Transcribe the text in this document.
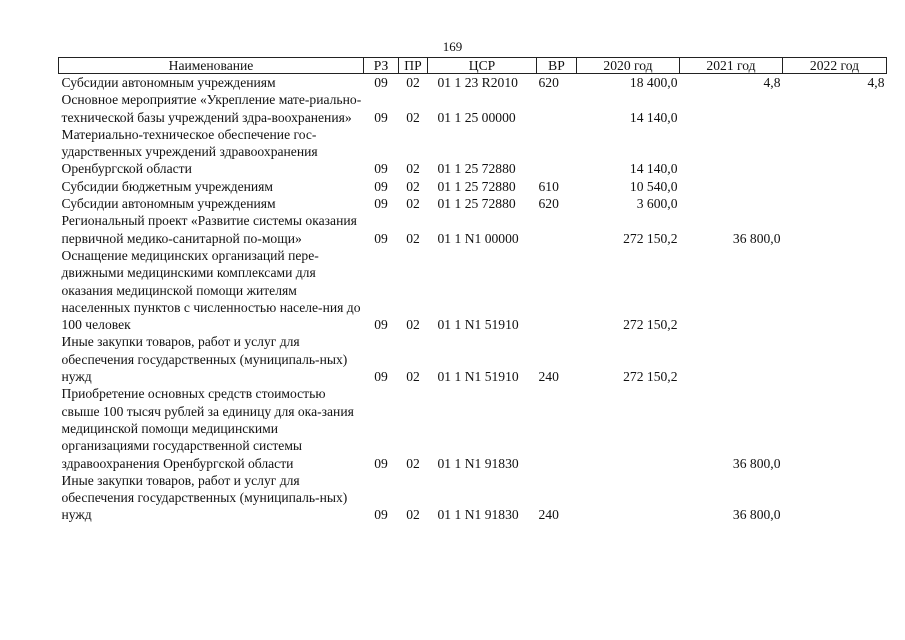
169
Наименование	РЗ	ПР	ЦСР	ВР	2020 год	2021 год	2022 год
Субсидии автономным учреждениям	09	02	01 1 23 R2010	620	18 400,0	4,8	4,8
Основное мероприятие «Укрепление мате-риально-технической базы учреждений здра-воохранения»	09	02	01 1 25 00000		14 140,0		
Материально-техническое обеспечение гос-ударственных учреждений здравоохранения Оренбургской области	09	02	01 1 25 72880		14 140,0		
Субсидии бюджетным учреждениям	09	02	01 1 25 72880	610	10 540,0		
Субсидии автономным учреждениям	09	02	01 1 25 72880	620	3 600,0		
Региональный проект «Развитие системы оказания первичной медико-санитарной по-мощи»	09	02	01 1 N1 00000		272 150,2	36 800,0	
Оснащение медицинских организаций пере-движными медицинскими комплексами для оказания медицинской помощи жителям населенных пунктов с численностью населе-ния до 100 человек	09	02	01 1 N1 51910		272 150,2		
Иные закупки товаров, работ и услуг для обеспечения государственных (муниципаль-ных) нужд	09	02	01 1 N1 51910	240	272 150,2		
Приобретение основных средств стоимостью свыше 100 тысяч рублей за единицу для ока-зания медицинской помощи медицинскими организациями государственной системы здравоохранения Оренбургской области	09	02	01 1 N1 91830			36 800,0	
Иные закупки товаров, работ и услуг для обеспечения государственных (муниципаль-ных) нужд	09	02	01 1 N1 91830	240		36 800,0	
